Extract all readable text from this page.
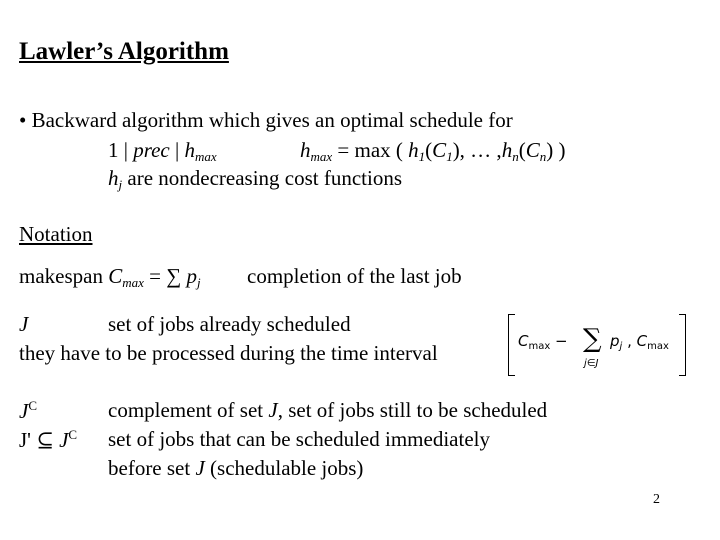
Lawler’s Algorithm
• Backward algorithm which gives an optimal schedule for
1 | prec | $h_{max}$	$h_{max} = \max$ ( $h_1(C_1)$, … $,h_n(C_n)$ )
$h_j$ are nondecreasing cost functions
Notation
makespan $C_{max}$ = ∑ $p_j$ completion of the last job
J	set of jobs already scheduled
they have to be processed during the time interval	$C_{max}$ − ∑
j∈J
$p_j$ , $C_{max}$
$J^C$	complement of set J, set of jobs still to be scheduled
J' ⊆ $J^C$ set of jobs that can be scheduled immediately
before set J (schedulable jobs)
2
